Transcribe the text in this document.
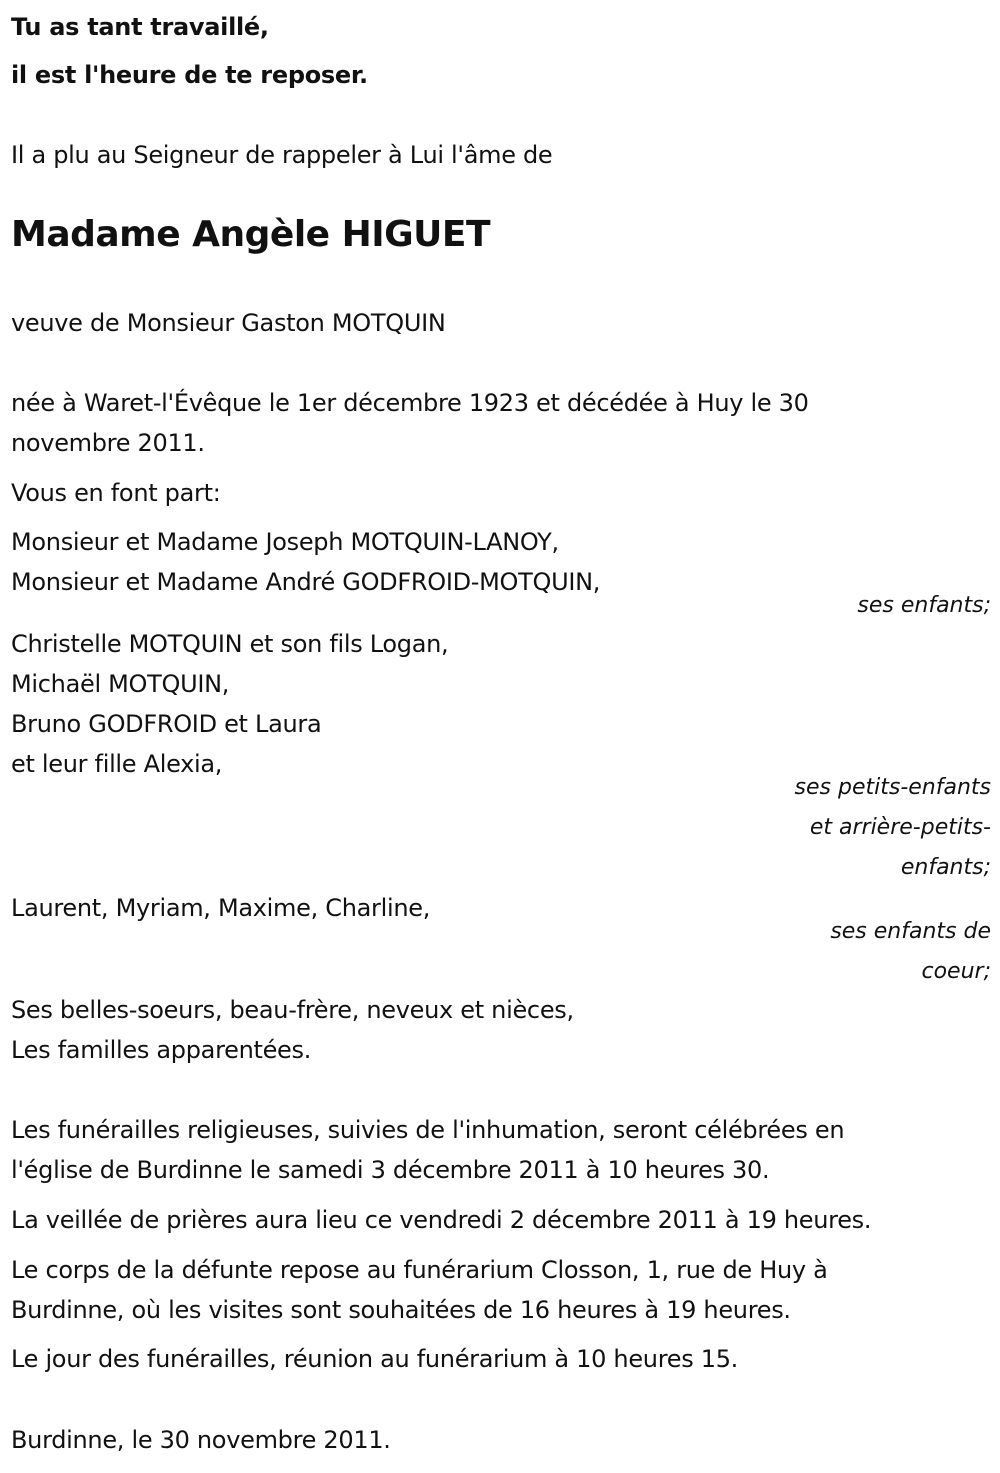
Tu as tant travaillé,
il est l'heure de te reposer.
Il a plu au Seigneur de rappeler à Lui l'âme de
Madame Angèle HIGUET
veuve de Monsieur Gaston MOTQUIN
née à Waret-l'Évêque le 1er décembre 1923 et décédée à Huy le 30
novembre 2011.
Vous en font part:
Monsieur et Madame Joseph MOTQUIN-LANOY,
Monsieur et Madame André GODFROID-MOTQUIN,
ses enfants;
Christelle MOTQUIN et son fils Logan,
Michaël MOTQUIN,
Bruno GODFROID et Laura
et leur fille Alexia,
ses petits-enfants
et arrière-petits-
enfants;
Laurent, Myriam, Maxime, Charline,
ses enfants de
coeur;
Ses belles-soeurs, beau-frère, neveux et nièces,
Les familles apparentées.
Les funérailles religieuses, suivies de l'inhumation, seront célébrées en
l'église de Burdinne le samedi 3 décembre 2011 à 10 heures 30.
La veillée de prières aura lieu ce vendredi 2 décembre 2011 à 19 heures.
Le corps de la défunte repose au funérarium Closson, 1, rue de Huy à
Burdinne, où les visites sont souhaitées de 16 heures à 19 heures.
Le jour des funérailles, réunion au funérarium à 10 heures 15.
Burdinne, le 30 novembre 2011.
